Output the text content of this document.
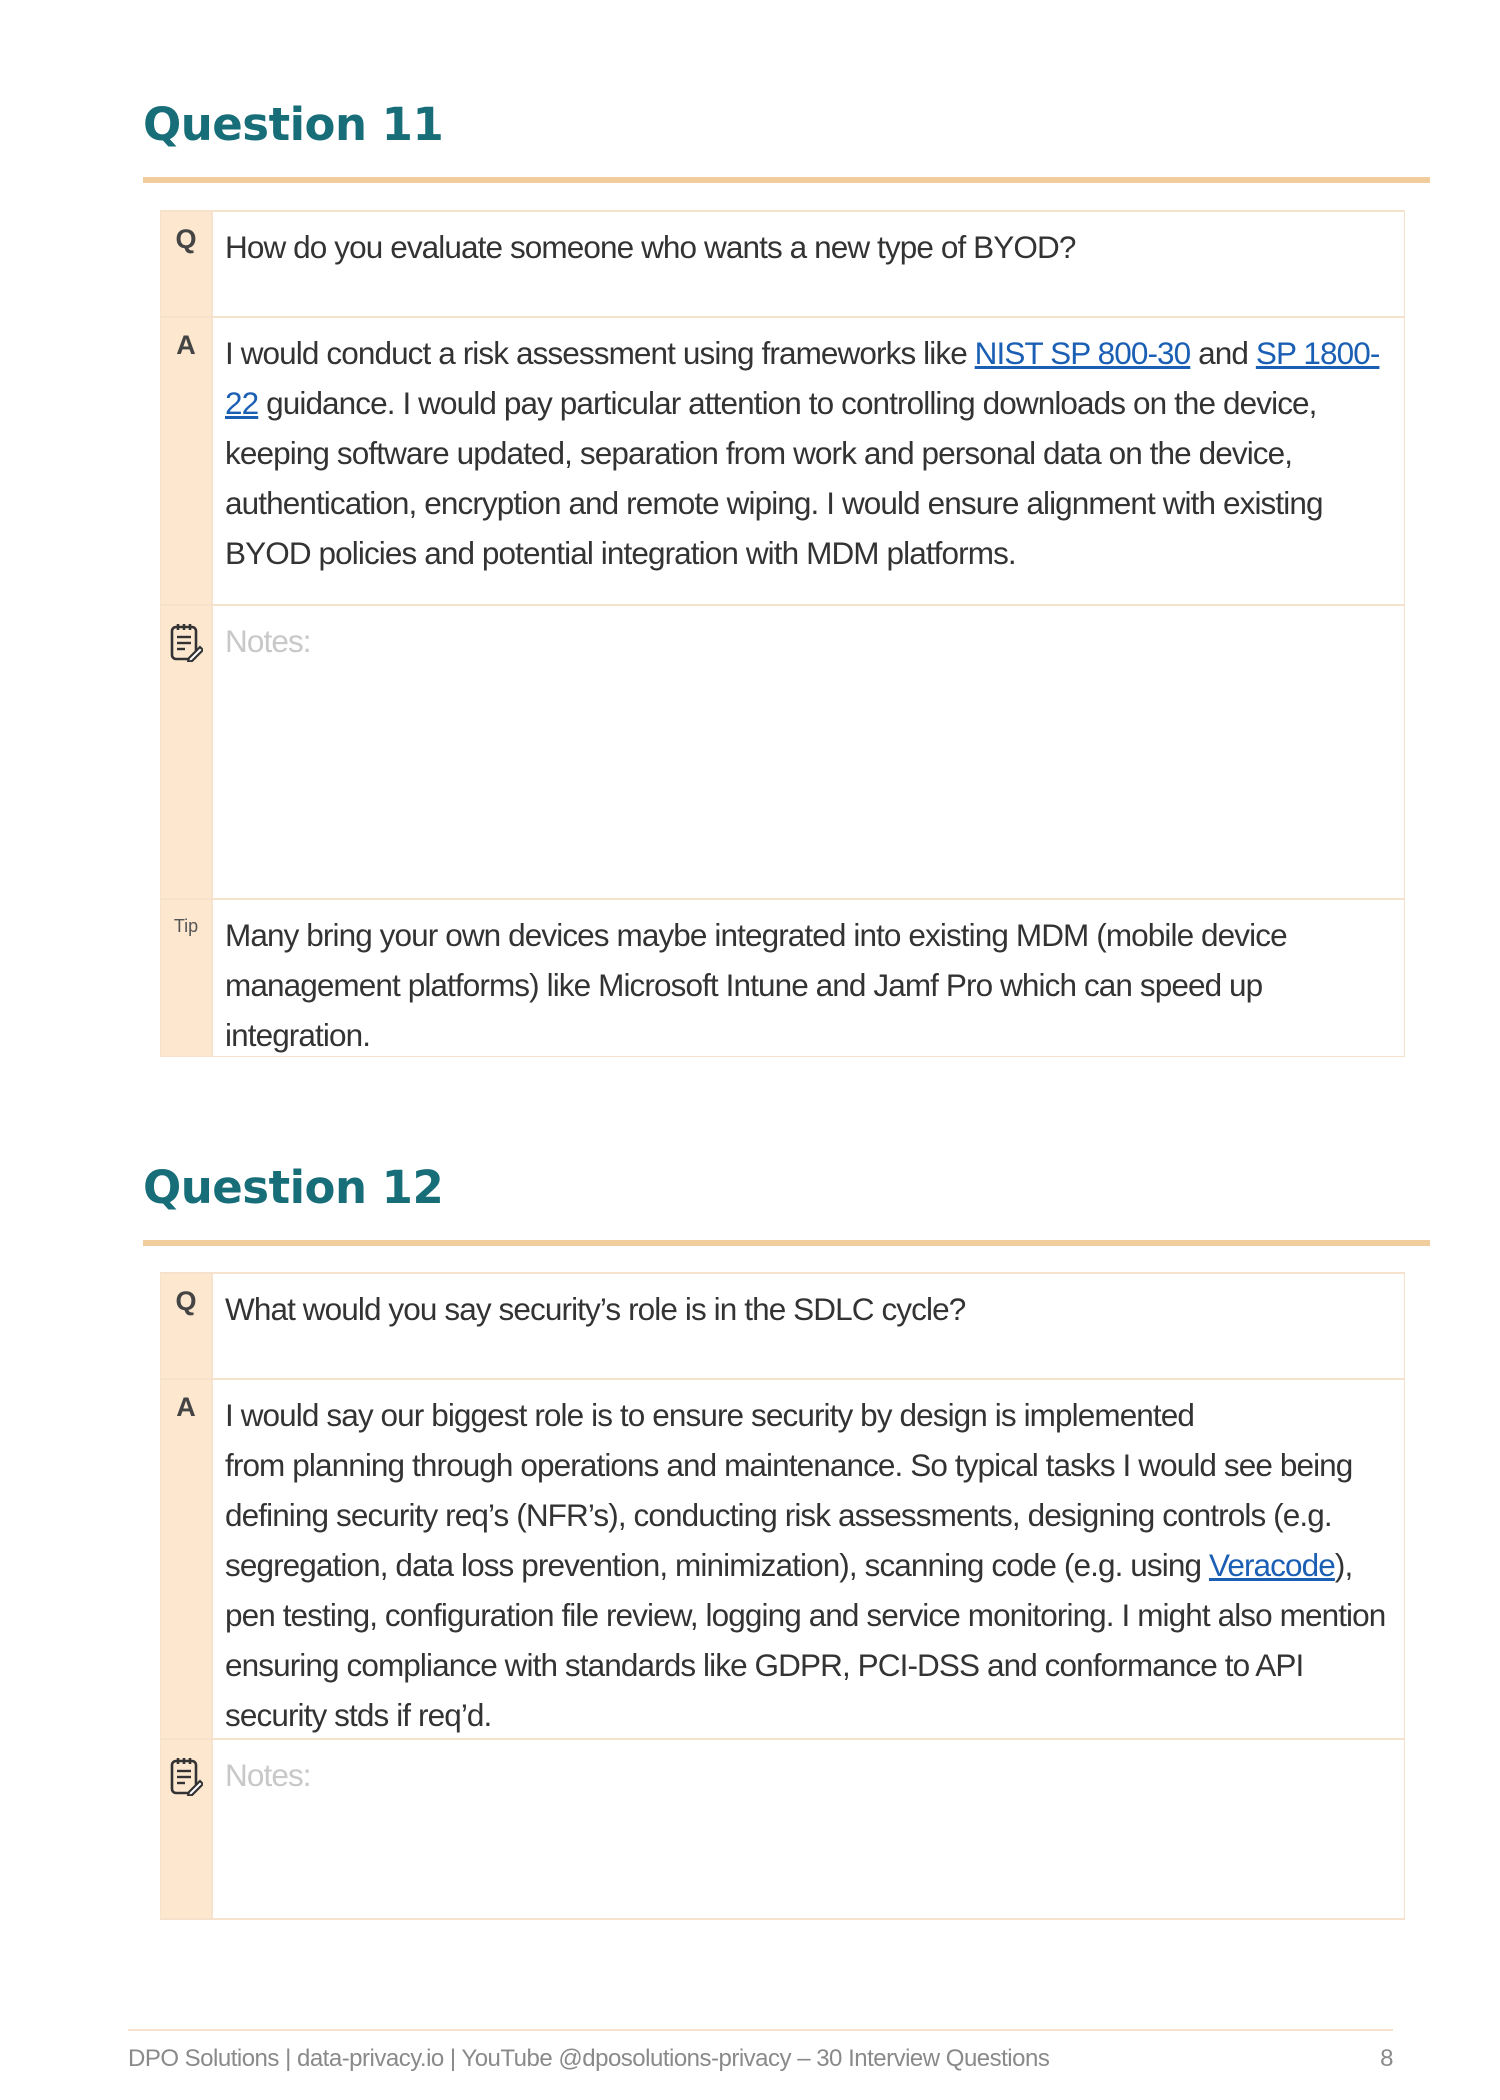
Question 11
Q How do you evaluate someone who wants a new type of BYOD?
A I would conduct a risk assessment using frameworks like NIST SP 800-30 and SP 1800-22 guidance. I would pay particular attention to controlling downloads on the device, keeping software updated, separation from work and personal data on the device, authentication, encryption and remote wiping. I would ensure alignment with existing BYOD policies and potential integration with MDM platforms.
Notes:
Tip Many bring your own devices maybe integrated into existing MDM (mobile device management platforms) like Microsoft Intune and Jamf Pro which can speed up integration.
Question 12
Q What would you say security’s role is in the SDLC cycle?
A I would say our biggest role is to ensure security by design is implemented
from planning through operations and maintenance. So typical tasks I would see being defining security req’s (NFR’s), conducting risk assessments, designing controls (e.g. segregation, data loss prevention, minimization), scanning code (e.g. using Veracode), pen testing, configuration file review, logging and service monitoring. I might also mention ensuring compliance with standards like GDPR, PCI-DSS and conformance to API security stds if req’d.
Notes:
DPO Solutions | data-privacy.io | YouTube @dposolutions-privacy – 30 Interview Questions	8
